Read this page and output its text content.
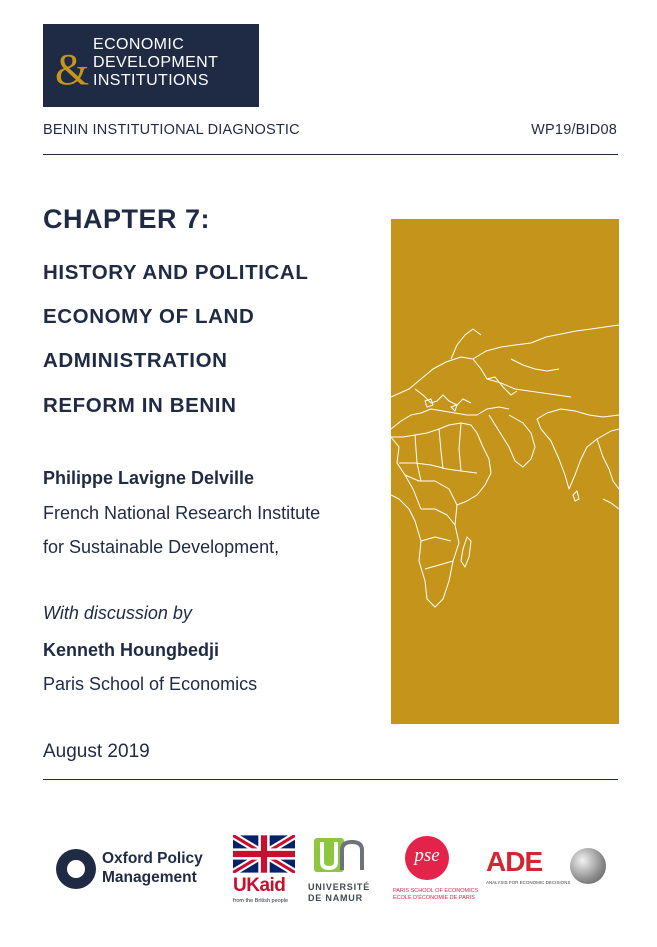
&
ECONOMIC
DEVELOPMENT
INSTITUTIONS
BENIN INSTITUTIONAL DIAGNOSTIC	WP19/BID08
CHAPTER 7:
HISTORY AND POLITICAL
ECONOMY OF LAND
ADMINISTRATION
REFORM IN BENIN
Philippe Lavigne Delville
French National Research Institute
for Sustainable Development,
With discussion by
Kenneth Houngbedji
Paris School of Economics
August 2019
Oxford Policy
Management UKaid
from the British people
UNIVERSITÉ
DE NAMUR
pse
PARIS SCHOOL OF ECONOMICS
ÉCOLE D'ÉCONOMIE DE PARIS
ADE
ANALYSIS FOR ECONOMIC DECISIONS
